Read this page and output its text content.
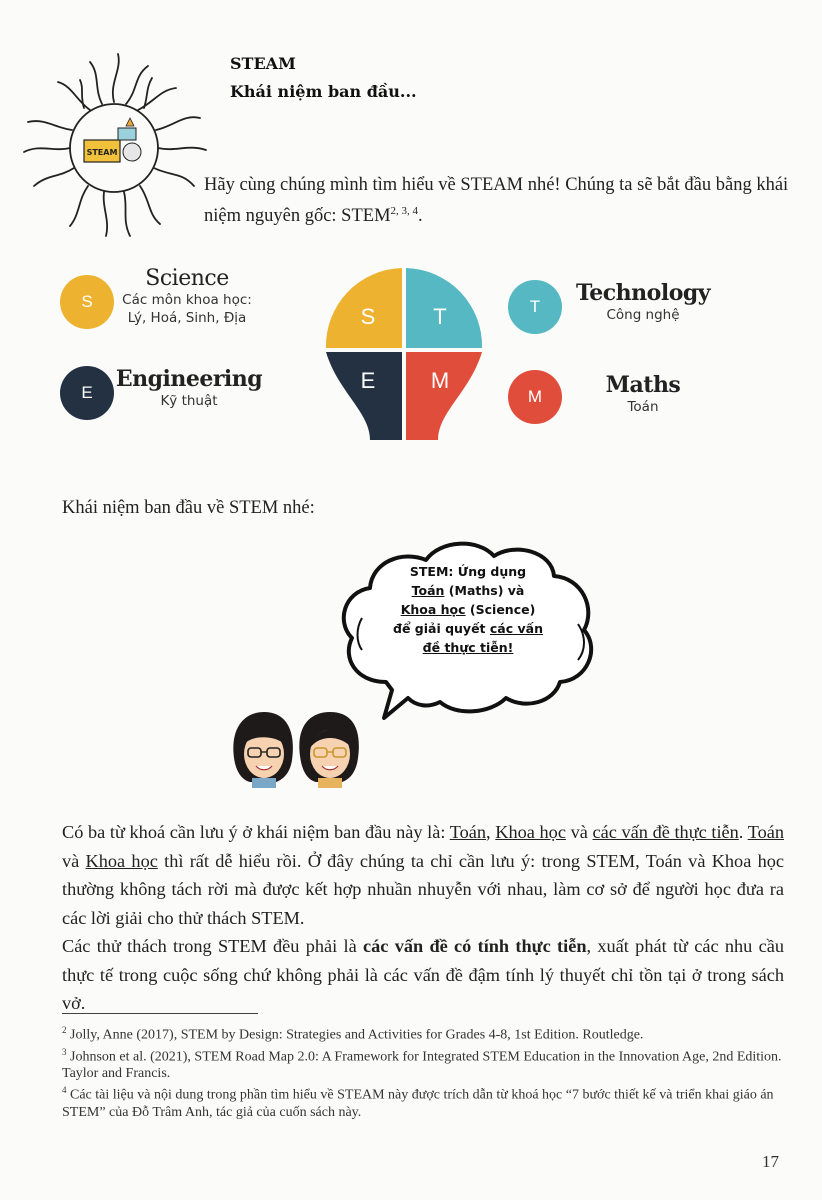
STEAM
STEAM
Khái niệm ban đầu...
Hãy cùng chúng mình tìm hiểu về STEAM nhé! Chúng ta sẽ bắt đầu bằng khái niệm nguyên gốc: STEM$^{2, 3, 4}$.
S
Science
Các môn khoa học:
Lý, Hoá, Sinh, Địa
E
Engineering
Kỹ thuật
S	T
E	M
T
Technology
Công nghệ
M	Maths
Toán
Khái niệm ban đầu về STEM nhé:
STEM: Ứng dụng
Toán (Maths) và
Khoa học (Science)
để giải quyết các vấn
đề thực tiễn!

Có ba từ khoá cần lưu ý ở khái niệm ban đầu này là: Toán, Khoa học và các vấn đề thực tiễn. Toán và Khoa học thì rất dễ hiểu rồi. Ở đây chúng ta chỉ cần lưu ý: trong STEM, Toán và Khoa học thường không tách rời mà được kết hợp nhuần nhuyễn với nhau, làm cơ sở để người học đưa ra các lời giải cho thử thách STEM.

Các thử thách trong STEM đều phải là các vấn đề có tính thực tiễn, xuất phát từ các nhu cầu thực tế trong cuộc sống chứ không phải là các vấn đề đậm tính lý thuyết chỉ tồn tại ở trong sách vở.

$^2$ Jolly, Anne (2017), STEM by Design: Strategies and Activities for Grades 4-8, 1st Edition. Routledge.

$^3$ Johnson et al. (2021), STEM Road Map 2.0: A Framework for Integrated STEM Education in the Innovation Age, 2nd Edition. Taylor and Francis.

$^4$ Các tài liệu và nội dung trong phần tìm hiểu về STEAM này được trích dẫn từ khoá học “7 bước thiết kế và triển khai giáo án STEM” của Đỗ Trâm Anh, tác giả của cuốn sách này.

17
